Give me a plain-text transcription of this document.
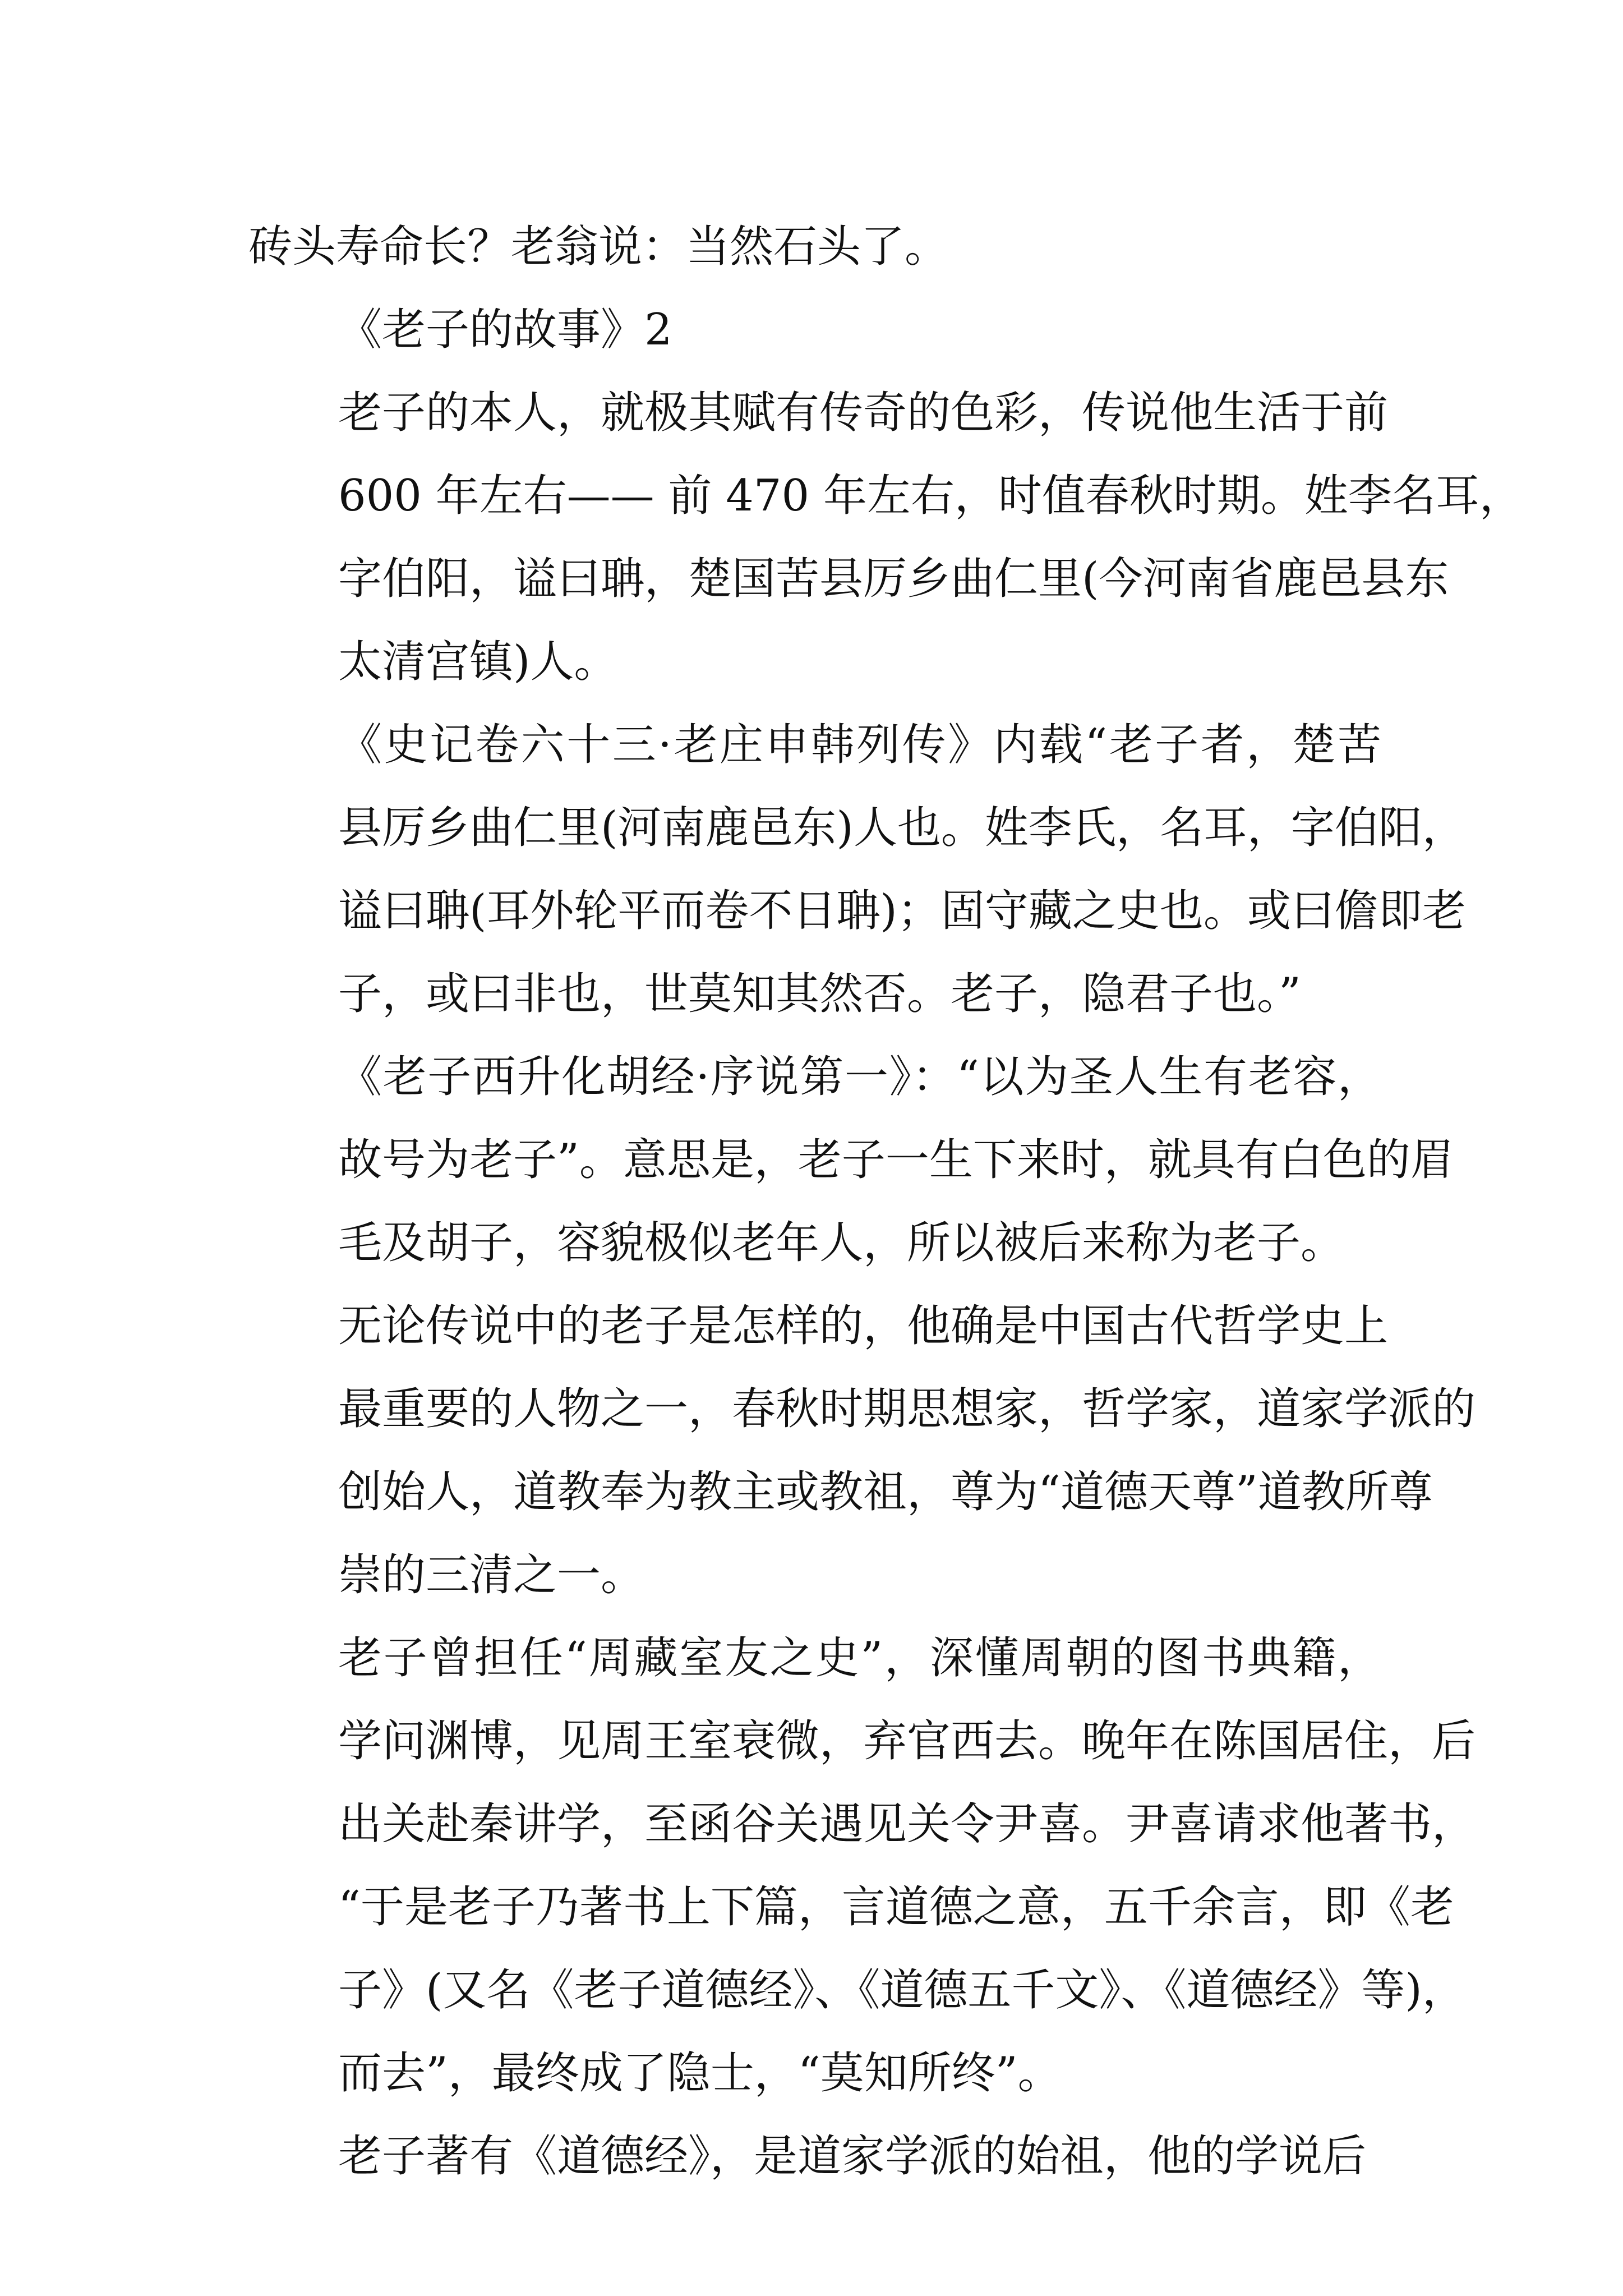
砖头寿命长？老翁说：当然石头了。
《老子的故事》2
老子的本人，就极其赋有传奇的色彩，传说他生活于前
600 年左右—— 前 470 年左右，时值春秋时期。姓李名耳，
字伯阳，谥曰聃，楚国苦县厉乡曲仁里(今河南省鹿邑县东
太清宫镇)人。
《史记卷六十三·老庄申韩列传》内载“老子者，楚苦
县厉乡曲仁里(河南鹿邑东)人也。姓李氏，名耳，字伯阳，
谥曰聃(耳外轮平而卷不日聃)；固守藏之史也。或曰儋即老
子，或曰非也，世莫知其然否。老子，隐君子也。”
《老子西升化胡经·序说第一》：“以为圣人生有老容，
故号为老子”。意思是，老子一生下来时，就具有白色的眉
毛及胡子，容貌极似老年人，所以被后来称为老子。
无论传说中的老子是怎样的，他确是中国古代哲学史上
最重要的人物之一，春秋时期思想家，哲学家，道家学派的
创始人，道教奉为教主或教祖，尊为“道德天尊”道教所尊
崇的三清之一。
老子曾担任“周藏室友之史”，深懂周朝的图书典籍，
学问渊博，见周王室衰微，弃官西去。晚年在陈国居住，后
出关赴秦讲学，至函谷关遇见关令尹喜。尹喜请求他著书，
“于是老子乃著书上下篇，言道德之意，五千余言，即《老
子》(又名《老子道德经》、《道德五千文》、《道德经》等)，
而去”，最终成了隐士，“莫知所终”。
老子著有《道德经》，是道家学派的始祖，他的学说后
